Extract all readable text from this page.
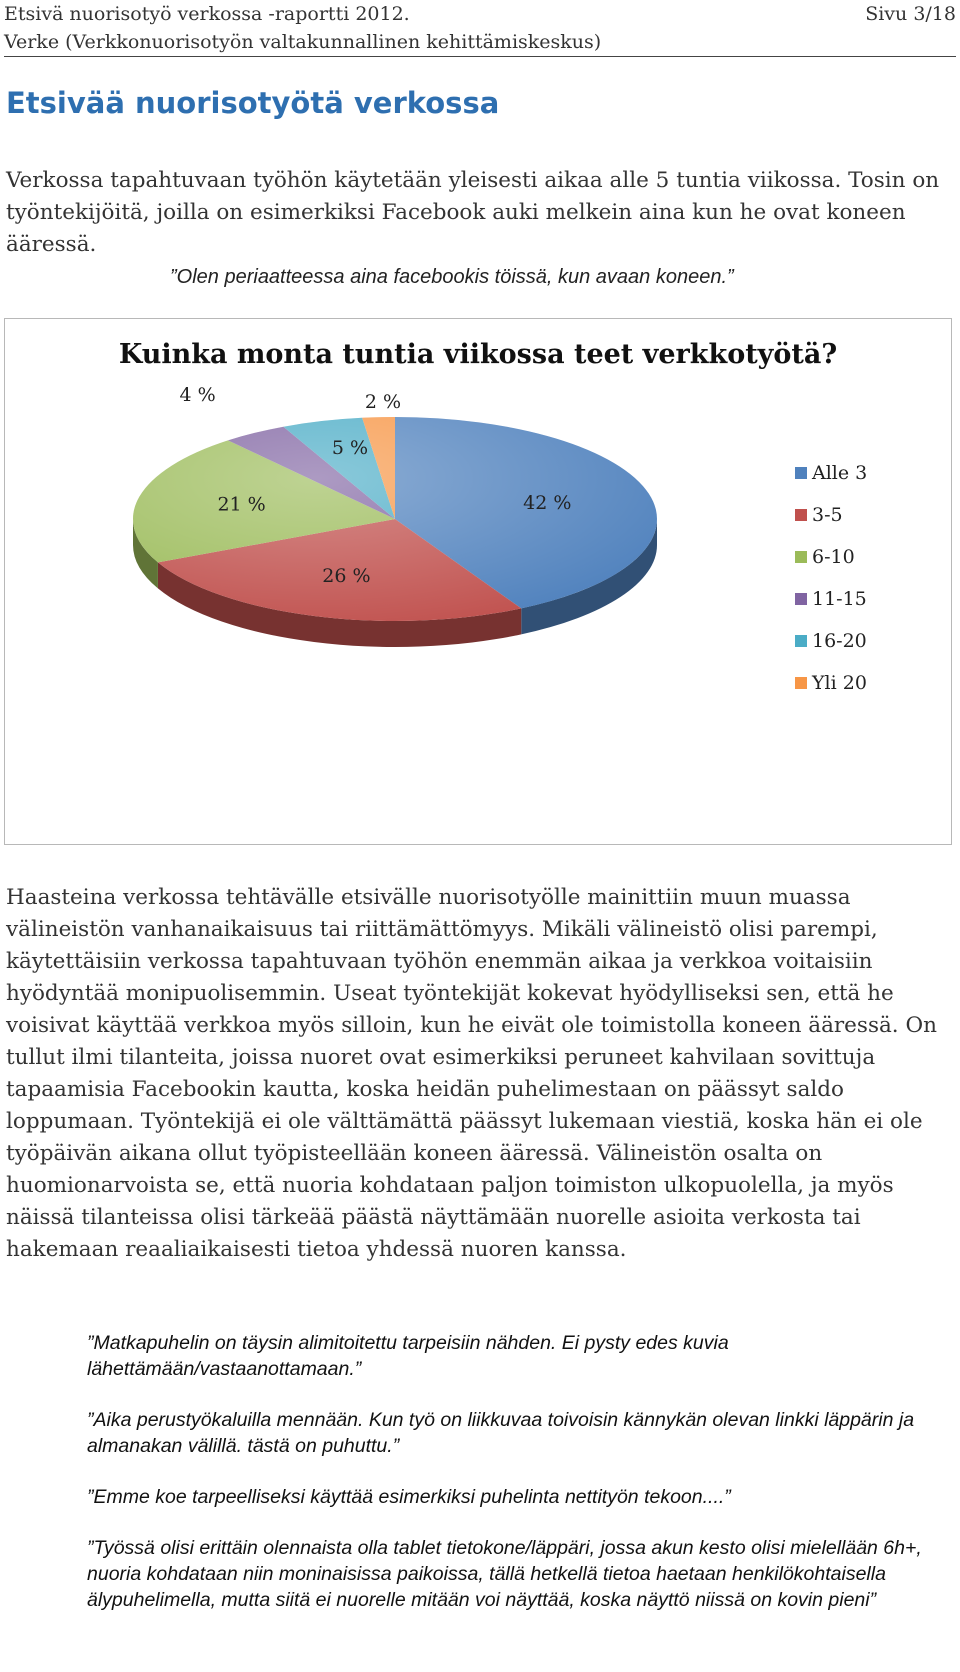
Etsivä nuorisotyö verkossa -raportti 2012.	Sivu 3/18
Verke (Verkkonuorisotyön valtakunnallinen kehittämiskeskus)
Etsivää nuorisotyötä verkossa
Verkossa tapahtuvaan työhön käytetään yleisesti aikaa alle 5 tuntia viikossa. Tosin on työntekijöitä, joilla on esimerkiksi Facebook auki melkein aina kun he ovat koneen ääressä.
”Olen periaatteessa aina facebookis töissä, kun avaan koneen.”
Kuinka monta tuntia viikossa teet verkkotyötä?
42 %
26 %
21 %
4 %
5 %
2 %
Alle 3
3-5
6-10
11-15
16-20
Yli 20

Haasteina verkossa tehtävälle etsivälle nuorisotyölle mainittiin muun muassa välineistön vanhanaikaisuus tai riittämättömyys. Mikäli välineistö olisi parempi, käytettäisiin verkossa tapahtuvaan työhön enemmän aikaa ja verkkoa voitaisiin hyödyntää monipuolisemmin. Useat työntekijät kokevat hyödylliseksi sen, että he voisivat käyttää verkkoa myös silloin, kun he eivät ole toimistolla koneen ääressä. On tullut ilmi tilanteita, joissa nuoret ovat esimerkiksi peruneet kahvilaan sovittuja tapaamisia Facebookin kautta, koska heidän puhelimestaan on päässyt saldo loppumaan. Työntekijä ei ole välttämättä päässyt lukemaan viestiä, koska hän ei ole työpäivän aikana ollut työpisteellään koneen ääressä. Välineistön osalta on huomionarvoista se, että nuoria kohdataan paljon toimiston ulkopuolella, ja myös näissä tilanteissa olisi tärkeää päästä näyttämään nuorelle asioita verkosta tai hakemaan reaaliaikaisesti tietoa yhdessä nuoren kanssa.

”Matkapuhelin on täysin alimitoitettu tarpeisiin nähden. Ei pysty edes kuvia lähettämään/vastaanottamaan.”

”Aika perustyökaluilla mennään. Kun työ on liikkuvaa toivoisin kännykän olevan linkki läppärin ja almanakan välillä. tästä on puhuttu.”

”Emme koe tarpeelliseksi käyttää esimerkiksi puhelinta nettityön tekoon....”

”Työssä olisi erittäin olennaista olla tablet tietokone/läppäri, jossa akun kesto olisi mielellään 6h+, nuoria kohdataan niin moninaisissa paikoissa, tällä hetkellä tietoa haetaan henkilökohtaisella älypuhelimella, mutta siitä ei nuorelle mitään voi näyttää, koska näyttö niissä on kovin pieni”
